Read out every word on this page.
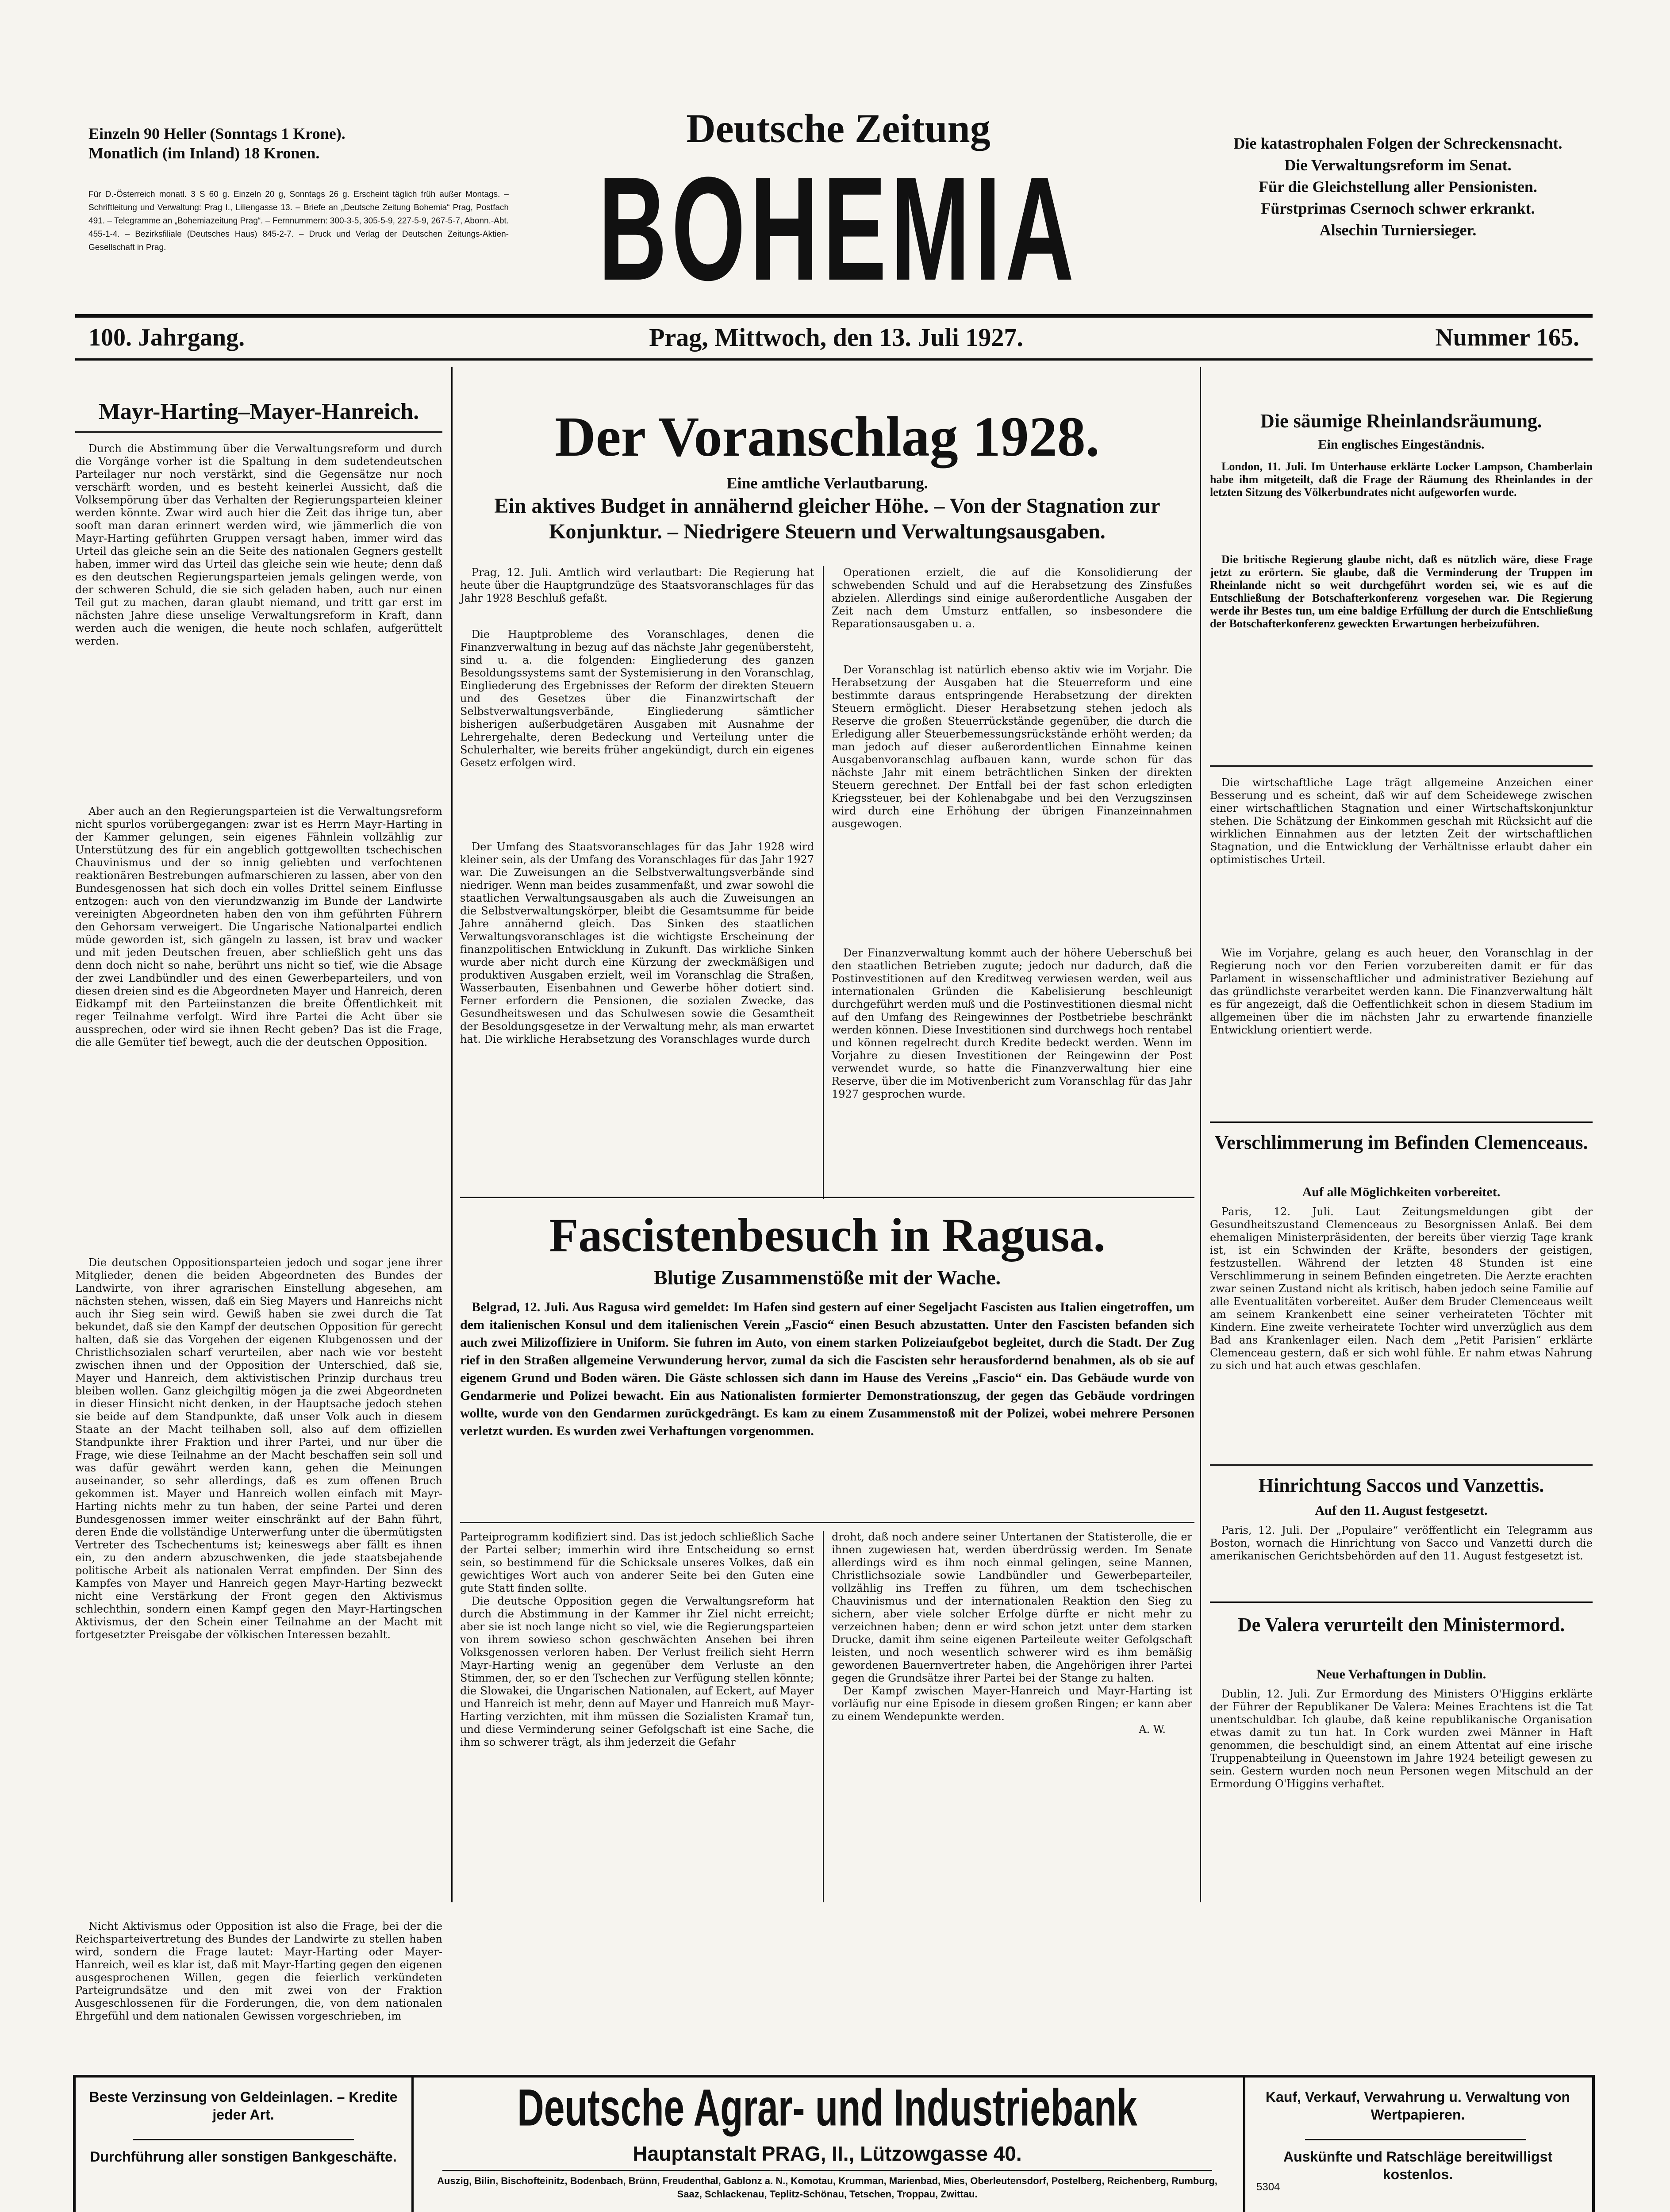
Einzeln 90 Heller (Sonntags 1 Krone).
Monatlich (im Inland) 18 Kronen.
Für D.-Österreich monatl. 3 S 60 g. Einzeln 20 g, Sonntags 26 g. Erscheint täglich früh außer Montags. – Schriftleitung und Verwaltung: Prag I., Liliengasse 13. – Briefe an „Deutsche Zeitung Bohemia“ Prag, Postfach 491. – Telegramme an „Bohemiazeitung Prag“. – Fernnummern: 300-3-5, 305-5-9, 227-5-9, 267-5-7, Abonn.-Abt. 455-1-4. – Bezirksfiliale (Deutsches Haus) 845-2-7. – Druck und Verlag der Deutschen Zeitungs-Aktien-Gesellschaft in Prag.
Deutsche Zeitung
BOHEMIA
Die katastrophalen Folgen der Schreckensnacht.
Die Verwaltungsreform im Senat.
Für die Gleichstellung aller Pensionisten.
Fürstprimas Csernoch schwer erkrankt.
Alsechin Turniersieger.
100. Jahrgang.	Prag, Mittwoch, den 13. Juli 1927.	Nummer 165.
Mayr-Harting–Mayer-Hanreich.
Durch die Abstimmung über die Verwaltungsreform und durch die Vorgänge vorher ist die Spaltung in dem sudetendeutschen Parteilager nur noch verstärkt, sind die Gegensätze nur noch verschärft worden, und es besteht keinerlei Aussicht, daß die Volksempörung über das Verhalten der Regierungsparteien kleiner werden könnte. Zwar wird auch hier die Zeit das ihrige tun, aber sooft man daran erinnert werden wird, wie jämmerlich die von Mayr-Harting geführten Gruppen versagt haben, immer wird das Urteil das gleiche sein an die Seite des nationalen Gegners gestellt haben, immer wird das Urteil das gleiche sein wie heute; denn daß es den deutschen Regierungsparteien jemals gelingen werde, von der schweren Schuld, die sie sich geladen haben, auch nur einen Teil gut zu machen, daran glaubt niemand, und tritt gar erst im nächsten Jahre diese unselige Verwaltungsreform in Kraft, dann werden auch die wenigen, die heute noch schlafen, aufgerüttelt werden.
Aber auch an den Regierungsparteien ist die Verwaltungsreform nicht spurlos vorübergegangen: zwar ist es Herrn Mayr-Harting in der Kammer gelungen, sein eigenes Fähnlein vollzählig zur Unterstützung des für ein angeblich gottgewollten tschechischen Chauvinismus und der so innig geliebten und verfochtenen reaktionären Bestrebungen aufmarschieren zu lassen, aber von den Bundesgenossen hat sich doch ein volles Drittel seinem Einflusse entzogen: auch von den vierundzwanzig im Bunde der Landwirte vereinigten Abgeordneten haben den von ihm geführten Führern den Gehorsam verweigert. Die Ungarische Nationalpartei endlich müde geworden ist, sich gängeln zu lassen, ist brav und wacker und mit jeden Deutschen freuen, aber schließlich geht uns das denn doch nicht so nahe, berührt uns nicht so tief, wie die Absage der zwei Landbündler und des einen Gewerbeparteilers, und von diesen dreien sind es die Abgeordneten Mayer und Hanreich, deren Eidkampf mit den Parteiinstanzen die breite Öffentlichkeit mit reger Teilnahme verfolgt. Wird ihre Partei die Acht über sie aussprechen, oder wird sie ihnen Recht geben? Das ist die Frage, die alle Gemüter tief bewegt, auch die der deutschen Opposition.
Die deutschen Oppositionsparteien jedoch und sogar jene ihrer Mitglieder, denen die beiden Abgeordneten des Bundes der Landwirte, von ihrer agrarischen Einstellung abgesehen, am nächsten stehen, wissen, daß ein Sieg Mayers und Hanreichs nicht auch ihr Sieg sein wird. Gewiß haben sie zwei durch die Tat bekundet, daß sie den Kampf der deutschen Opposition für gerecht halten, daß sie das Vorgehen der eigenen Klubgenossen und der Christlichsozialen scharf verurteilen, aber nach wie vor besteht zwischen ihnen und der Opposition der Unterschied, daß sie, Mayer und Hanreich, dem aktivistischen Prinzip durchaus treu bleiben wollen. Ganz gleichgiltig mögen ja die zwei Abgeordneten in dieser Hinsicht nicht denken, in der Hauptsache jedoch stehen sie beide auf dem Standpunkte, daß unser Volk auch in diesem Staate an der Macht teilhaben soll, also auf dem offiziellen Standpunkte ihrer Fraktion und ihrer Partei, und nur über die Frage, wie diese Teilnahme an der Macht beschaffen sein soll und was dafür gewährt werden kann, gehen die Meinungen auseinander, so sehr allerdings, daß es zum offenen Bruch gekommen ist. Mayer und Hanreich wollen einfach mit Mayr-Harting nichts mehr zu tun haben, der seine Partei und deren Bundesgenossen immer weiter einschränkt auf der Bahn führt, deren Ende die vollständige Unterwerfung unter die übermütigsten Vertreter des Tschechentums ist; keineswegs aber fällt es ihnen ein, zu den andern abzuschwenken, die jede staatsbejahende politische Arbeit als nationalen Verrat empfinden. Der Sinn des Kampfes von Mayer und Hanreich gegen Mayr-Harting bezweckt nicht eine Verstärkung der Front gegen den Aktivismus schlechthin, sondern einen Kampf gegen den Mayr-Hartingschen Aktivismus, der den Schein einer Teilnahme an der Macht mit fortgesetzter Preisgabe der völkischen Interessen bezahlt.
Nicht Aktivismus oder Opposition ist also die Frage, bei der die Reichsparteivertretung des Bundes der Landwirte zu stellen haben wird, sondern die Frage lautet: Mayr-Harting oder Mayer-Hanreich, weil es klar ist, daß mit Mayr-Harting gegen den eigenen ausgesprochenen Willen, gegen die feierlich verkündeten Parteigrundsätze und den mit zwei von der Fraktion Ausgeschlossenen für die Forderungen, die, von dem nationalen Ehrgefühl und dem nationalen Gewissen vorgeschrieben, im
Der Voranschlag 1928.
Eine amtliche Verlautbarung.
Ein aktives Budget in annähernd gleicher Höhe. – Von der Stagnation zur Konjunktur. – Niedrigere Steuern und Verwaltungsausgaben.
Prag, 12. Juli. Amtlich wird verlautbart: Die Regierung hat heute über die Hauptgrundzüge des Staatsvoranschlages für das Jahr 1928 Beschluß gefaßt.
Die Hauptprobleme des Voranschlages, denen die Finanzverwaltung in bezug auf das nächste Jahr gegenübersteht, sind u. a. die folgenden: Eingliederung des ganzen Besoldungssystems samt der Systemisierung in den Voranschlag, Eingliederung des Ergebnisses der Reform der direkten Steuern und des Gesetzes über die Finanzwirtschaft der Selbstverwaltungsverbände, Eingliederung sämtlicher bisherigen außerbudgetären Ausgaben mit Ausnahme der Lehrergehalte, deren Bedeckung und Verteilung unter die Schulerhalter, wie bereits früher angekündigt, durch ein eigenes Gesetz erfolgen wird.
Der Umfang des Staatsvoranschlages für das Jahr 1928 wird kleiner sein, als der Umfang des Voranschlages für das Jahr 1927 war. Die Zuweisungen an die Selbstverwaltungsverbände sind niedriger. Wenn man beides zusammenfaßt, und zwar sowohl die staatlichen Verwaltungsausgaben als auch die Zuweisungen an die Selbstverwaltungskörper, bleibt die Gesamtsumme für beide Jahre annähernd gleich. Das Sinken des staatlichen Verwaltungsvoranschlages ist die wichtigste Erscheinung der finanzpolitischen Entwicklung in Zukunft. Das wirkliche Sinken wurde aber nicht durch eine Kürzung der zweckmäßigen und produktiven Ausgaben erzielt, weil im Voranschlag die Straßen, Wasserbauten, Eisenbahnen und Gewerbe höher dotiert sind. Ferner erfordern die Pensionen, die sozialen Zwecke, das Gesundheitswesen und das Schulwesen sowie die Gesamtheit der Besoldungsgesetze in der Verwaltung mehr, als man erwartet hat. Die wirkliche Herabsetzung des Voranschlages wurde durch
Operationen erzielt, die auf die Konsolidierung der schwebenden Schuld und auf die Herabsetzung des Zinsfußes abzielen. Allerdings sind einige außerordentliche Ausgaben der Zeit nach dem Umsturz entfallen, so insbesondere die Reparationsausgaben u. a.
Der Voranschlag ist natürlich ebenso aktiv wie im Vorjahr. Die Herabsetzung der Ausgaben hat die Steuerreform und eine bestimmte daraus entspringende Herabsetzung der direkten Steuern ermöglicht. Dieser Herabsetzung stehen jedoch als Reserve die großen Steuerrückstände gegenüber, die durch die Erledigung aller Steuerbemessungsrückstände erhöht werden; da man jedoch auf dieser außerordentlichen Einnahme keinen Ausgabenvoranschlag aufbauen kann, wurde schon für das nächste Jahr mit einem beträchtlichen Sinken der direkten Steuern gerechnet. Der Entfall bei der fast schon erledigten Kriegssteuer, bei der Kohlenabgabe und bei den Verzugszinsen wird durch eine Erhöhung der übrigen Finanzeinnahmen ausgewogen.
Der Finanzverwaltung kommt auch der höhere Ueberschuß bei den staatlichen Betrieben zugute; jedoch nur dadurch, daß die Postinvestitionen auf den Kreditweg verwiesen werden, weil aus internationalen Gründen die Kabelisierung beschleunigt durchgeführt werden muß und die Postinvestitionen diesmal nicht auf den Umfang des Reingewinnes der Postbetriebe beschränkt werden können. Diese Investitionen sind durchwegs hoch rentabel und können regelrecht durch Kredite bedeckt werden. Wenn im Vorjahre zu diesen Investitionen der Reingewinn der Post verwendet wurde, so hatte die Finanzverwaltung hier eine Reserve, über die im Motivenbericht zum Voranschlag für das Jahr 1927 gesprochen wurde.
Fascistenbesuch in Ragusa.
Blutige Zusammenstöße mit der Wache.
Belgrad, 12. Juli. Aus Ragusa wird gemeldet: Im Hafen sind gestern auf einer Segeljacht Fascisten aus Italien eingetroffen, um dem italienischen Konsul und dem italienischen Verein „Fascio“ einen Besuch abzustatten. Unter den Fascisten befanden sich auch zwei Milizoffiziere in Uniform. Sie fuhren im Auto, von einem starken Polizeiaufgebot begleitet, durch die Stadt. Der Zug rief in den Straßen allgemeine Verwunderung hervor, zumal da sich die Fascisten sehr herausfordernd benahmen, als ob sie auf eigenem Grund und Boden wären. Die Gäste schlossen sich dann im Hause des Vereins „Fascio“ ein. Das Gebäude wurde von Gendarmerie und Polizei bewacht. Ein aus Nationalisten formierter Demonstrationszug, der gegen das Gebäude vordringen wollte, wurde von den Gendarmen zurückgedrängt. Es kam zu einem Zusammenstoß mit der Polizei, wobei mehrere Personen verletzt wurden. Es wurden zwei Verhaftungen vorgenommen.
Parteiprogramm kodifiziert sind. Das ist jedoch schließlich Sache der Partei selber; immerhin wird ihre Entscheidung so ernst sein, so bestimmend für die Schicksale unseres Volkes, daß ein gewichtiges Wort auch von anderer Seite bei den Guten eine gute Statt finden sollte.
Die deutsche Opposition gegen die Verwaltungsreform hat durch die Abstimmung in der Kammer ihr Ziel nicht erreicht; aber sie ist noch lange nicht so viel, wie die Regierungsparteien von ihrem sowieso schon geschwächten Ansehen bei ihren Volksgenossen verloren haben. Der Verlust freilich sieht Herrn Mayr-Harting wenig an gegenüber dem Verluste an den Stimmen, der, so er den Tschechen zur Verfügung stellen könnte; die Slowakei, die Ungarischen Nationalen, auf Eckert, auf Mayer und Hanreich ist mehr, denn auf Mayer und Hanreich muß Mayr-Harting verzichten, mit ihm müssen die Sozialisten Kramař tun, und diese Verminderung seiner Gefolgschaft ist eine Sache, die ihm so schwerer trägt, als ihm jederzeit die Gefahr
droht, daß noch andere seiner Untertanen der Statisterolle, die er ihnen zugewiesen hat, werden überdrüssig werden. Im Senate allerdings wird es ihm noch einmal gelingen, seine Mannen, Christlichsoziale sowie Landbündler und Gewerbeparteiler, vollzählig ins Treffen zu führen, um dem tschechischen Chauvinismus und der internationalen Reaktion den Sieg zu sichern, aber viele solcher Erfolge dürfte er nicht mehr zu verzeichnen haben; denn er wird schon jetzt unter dem starken Drucke, damit ihm seine eigenen Parteileute weiter Gefolgschaft leisten, und noch wesentlich schwerer wird es ihm bemäßig gewordenen Bauernvertreter haben, die Angehörigen ihrer Partei gegen die Grundsätze ihrer Partei bei der Stange zu halten.
Der Kampf zwischen Mayer-Hanreich und Mayr-Harting ist vorläufig nur eine Episode in diesem großen Ringen; er kann aber zu einem Wendepunkte werden.
A. W.
Die säumige Rheinlandsräumung.
Ein englisches Eingeständnis.
London, 11. Juli. Im Unterhause erklärte Locker Lampson, Chamberlain habe ihm mitgeteilt, daß die Frage der Räumung des Rheinlandes in der letzten Sitzung des Völkerbundrates nicht aufgeworfen wurde.
Die britische Regierung glaube nicht, daß es nützlich wäre, diese Frage jetzt zu erörtern. Sie glaube, daß die Verminderung der Truppen im Rheinlande nicht so weit durchgeführt worden sei, wie es auf die Entschließung der Botschafterkonferenz vorgesehen war. Die Regierung werde ihr Bestes tun, um eine baldige Erfüllung der durch die Entschließung der Botschafterkonferenz geweckten Erwartungen herbeizuführen.
Die wirtschaftliche Lage trägt allgemeine Anzeichen einer Besserung und es scheint, daß wir auf dem Scheidewege zwischen einer wirtschaftlichen Stagnation und einer Wirtschaftskonjunktur stehen. Die Schätzung der Einkommen geschah mit Rücksicht auf die wirklichen Einnahmen aus der letzten Zeit der wirtschaftlichen Stagnation, und die Entwicklung der Verhältnisse erlaubt daher ein optimistisches Urteil.
Wie im Vorjahre, gelang es auch heuer, den Voranschlag in der Regierung noch vor den Ferien vorzubereiten damit er für das Parlament in wissenschaftlicher und administrativer Beziehung auf das gründlichste verarbeitet werden kann. Die Finanzverwaltung hält es für angezeigt, daß die Oeffentlichkeit schon in diesem Stadium im allgemeinen über die im nächsten Jahr zu erwartende finanzielle Entwicklung orientiert werde.
Verschlimmerung im Befinden Clemenceaus.
Auf alle Möglichkeiten vorbereitet.
Paris, 12. Juli. Laut Zeitungsmeldungen gibt der Gesundheitszustand Clemenceaus zu Besorgnissen Anlaß. Bei dem ehemaligen Ministerpräsidenten, der bereits über vierzig Tage krank ist, ist ein Schwinden der Kräfte, besonders der geistigen, festzustellen. Während der letzten 48 Stunden ist eine Verschlimmerung in seinem Befinden eingetreten. Die Aerzte erachten zwar seinen Zustand nicht als kritisch, haben jedoch seine Familie auf alle Eventualitäten vorbereitet. Außer dem Bruder Clemenceaus weilt am seinem Krankenbett eine seiner verheirateten Töchter mit Kindern. Eine zweite verheiratete Tochter wird unverzüglich aus dem Bad ans Krankenlager eilen. Nach dem „Petit Parisien“ erklärte Clemenceau gestern, daß er sich wohl fühle. Er nahm etwas Nahrung zu sich und hat auch etwas geschlafen.
Hinrichtung Saccos und Vanzettis.
Auf den 11. August festgesetzt.
Paris, 12. Juli. Der „Populaire“ veröffentlicht ein Telegramm aus Boston, wornach die Hinrichtung von Sacco und Vanzetti durch die amerikanischen Gerichtsbehörden auf den 11. August festgesetzt ist.
De Valera verurteilt den Ministermord.
Neue Verhaftungen in Dublin.
Dublin, 12. Juli. Zur Ermordung des Ministers O'Higgins erklärte der Führer der Republikaner De Valera: Meines Erachtens ist die Tat unentschuldbar. Ich glaube, daß keine republikanische Organisation etwas damit zu tun hat. In Cork wurden zwei Männer in Haft genommen, die beschuldigt sind, an einem Attentat auf eine irische Truppenabteilung in Queenstown im Jahre 1924 beteiligt gewesen zu sein. Gestern wurden noch neun Personen wegen Mitschuld an der Ermordung O'Higgins verhaftet.
Beste Verzinsung von Geldeinlagen. – Kredite jeder Art.
Durchführung aller sonstigen Bankgeschäfte.
Deutsche Agrar- und Industriebank
Hauptanstalt PRAG, II., Lützowgasse 40.
Auszig, Bilin, Bischofteinitz, Bodenbach, Brünn, Freudenthal, Gablonz a. N., Komotau, Krumman, Marienbad, Mies, Oberleutensdorf, Postelberg, Reichenberg, Rumburg, Saaz, Schlackenau, Teplitz-Schönau, Tetschen, Troppau, Zwittau.
Kauf, Verkauf, Verwahrung u. Verwaltung von Wertpapieren.
Auskünfte und Ratschläge bereitwilligst kostenlos.
5304
